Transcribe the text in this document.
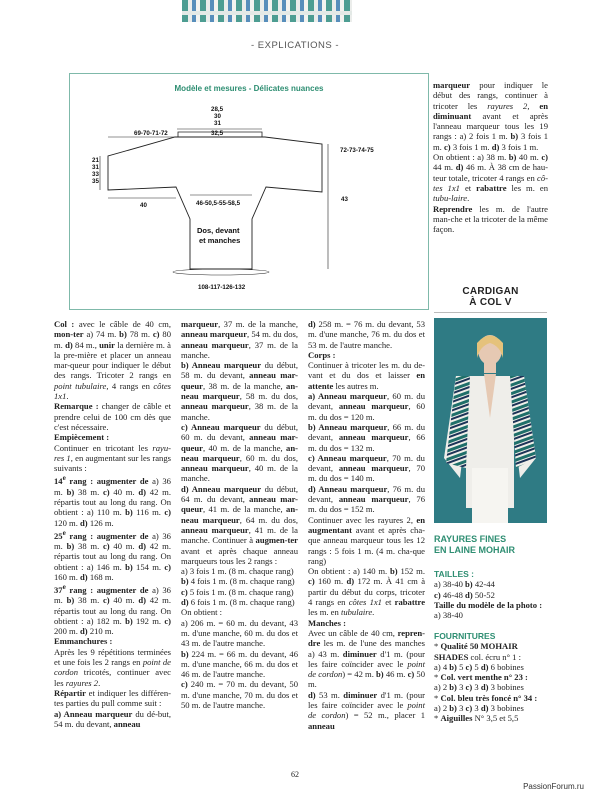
- EXPLICATIONS -
Modèle et mesures - Délicates nuances
28,5
30
31
32,5
69-70-71-72
21
31
33
35
72-73-74-75
40	46-50,5-55-58,5
43
Dos, devant
et manches
108-117-126-132

Col : avec le câble de 40 cm, mon-ter a) 74 m. b) 78 m. c) 80 m. d) 84 m., unir la dernière m. à la pre-mière et placer un anneau mar-queur pour indiquer le début des rangs. Tricoter 2 rangs en point tubulaire, 4 rangs en côtes 1x1.

Remarque : changer de câble et prendre celui de 100 cm dès que c'est nécessaire.

Empiècement :

Continuer en tricotant les rayu-res 1, en augmentant sur les rangs suivants :

14e rang : augmenter de a) 36 m. b) 38 m. c) 40 m. d) 42 m. répartis tout au long du rang. On obtient : a) 110 m. b) 116 m. c) 120 m. d) 126 m.

25e rang : augmenter de a) 36 m. b) 38 m. c) 40 m. d) 42 m. répartis tout au long du rang. On obtient : a) 146 m. b) 154 m. c) 160 m. d) 168 m.

37e rang : augmenter de a) 36 m. b) 38 m. c) 40 m. d) 42 m. répartis tout au long du rang. On obtient : a) 182 m. b) 192 m. c) 200 m. d) 210 m.

Emmanchures :

Après les 9 répétitions terminées et une fois les 2 rangs en point de cordon tricotés, continuer avec les rayures 2.

Répartir et indiquer les différen-tes parties du pull comme suit :

a) Anneau marqueur du dé-but, 54 m. du devant, anneau

marqueur, 37 m. de la manche, anneau marqueur, 54 m. du dos, anneau marqueur, 37 m. de la manche.

b) Anneau marqueur du début, 58 m. du devant, anneau mar-queur, 38 m. de la manche, an-neau marqueur, 58 m. du dos, anneau marqueur, 38 m. de la manche.

c) Anneau marqueur du début, 60 m. du devant, anneau mar-queur, 40 m. de la manche, an-neau marqueur, 60 m. du dos, anneau marqueur, 40 m. de la manche.

d) Anneau marqueur du début, 64 m. du devant, anneau mar-queur, 41 m. de la manche, an-neau marqueur, 64 m. du dos, anneau marqueur, 41 m. de la manche. Continuer à augmen-ter avant et après chaque anneau marqueurs tous les 2 rangs :

a) 3 fois 1 m. (8 m. chaque rang)
b) 4 fois 1 m. (8 m. chaque rang)
c) 5 fois 1 m. (8 m. chaque rang)
d) 6 fois 1 m. (8 m. chaque rang)

On obtient :

a) 206 m. = 60 m. du devant, 43 m. d'une manche, 60 m. du dos et 43 m. de l'autre manche.

b) 224 m. = 66 m. du devant, 46 m. d'une manche, 66 m. du dos et 46 m. de l'autre manche.

c) 240 m. = 70 m. du devant, 50 m. d'une manche, 70 m. du dos et 50 m. de l'autre manche.

d) 258 m. = 76 m. du devant, 53 m. d'une manche, 76 m. du dos et 53 m. de l'autre manche.

Corps :

Continuer à tricoter les m. du de-vant et du dos et laisser en attente les autres m.

a) Anneau marqueur, 60 m. du devant, anneau marqueur, 60 m. du dos = 120 m.

b) Anneau marqueur, 66 m. du devant, anneau marqueur, 66 m. du dos = 132 m.

c) Anneau marqueur, 70 m. du devant, anneau marqueur, 70 m. du dos = 140 m.

d) Anneau marqueur, 76 m. du devant, anneau marqueur, 76 m. du dos = 152 m.

Continuer avec les rayures 2, en augmentant avant et après cha-que anneau marqueur tous les 12 rangs : 5 fois 1 m. (4 m. cha-que rang)

On obtient : a) 140 m. b) 152 m. c) 160 m. d) 172 m. À 41 cm à partir du début du corps, tricoter 4 rangs en côtes 1x1 et rabattre les m. en tubulaire.

Manches :

Avec un câble de 40 cm, repren-dre les m. de l'une des manches a) 43 m. diminuer d'1 m. (pour les faire coïncider avec le point de cordon) = 42 m. b) 46 m. c) 50 m.

d) 53 m. diminuer d'1 m. (pour les faire coïncider avec le point de cordon) = 52 m., placer 1 anneau

marqueur pour indiquer le début des rangs, continuer à tricoter les rayures 2, en diminuant avant et après l'anneau marqueur tous les 19 rangs : a) 2 fois 1 m. b) 3 fois 1 m. c) 3 fois 1 m. d) 3 fois 1 m.

On obtient : a) 38 m. b) 40 m. c) 44 m. d) 46 m. À 38 cm de hau-teur totale, tricoter 4 rangs en cô-tes 1x1 et rabattre les m. en tubu-laire.

Reprendre les m. de l'autre man-che et la tricoter de la même façon.

CARDIGAN
À COL V
RAYURES FINES
EN LAINE MOHAIR
TAILLES :
a) 38-40 b) 42-44
c) 46-48 d) 50-52
Taille du modèle de la photo :
a) 38-40
FOURNITURES
* Qualité 50 MOHAIR SHADES col. écru n° 1 :
a) 4 b) 5 c) 5 d) 6 bobines
* Col. vert menthe n° 23 :
a) 2 b) 3 c) 3 d) 3 bobines
* Col. bleu très foncé n° 34 :
a) 2 b) 3 c) 3 d) 3 bobines
* Aiguilles N° 3,5 et 5,5
62
PassionForum.ru
